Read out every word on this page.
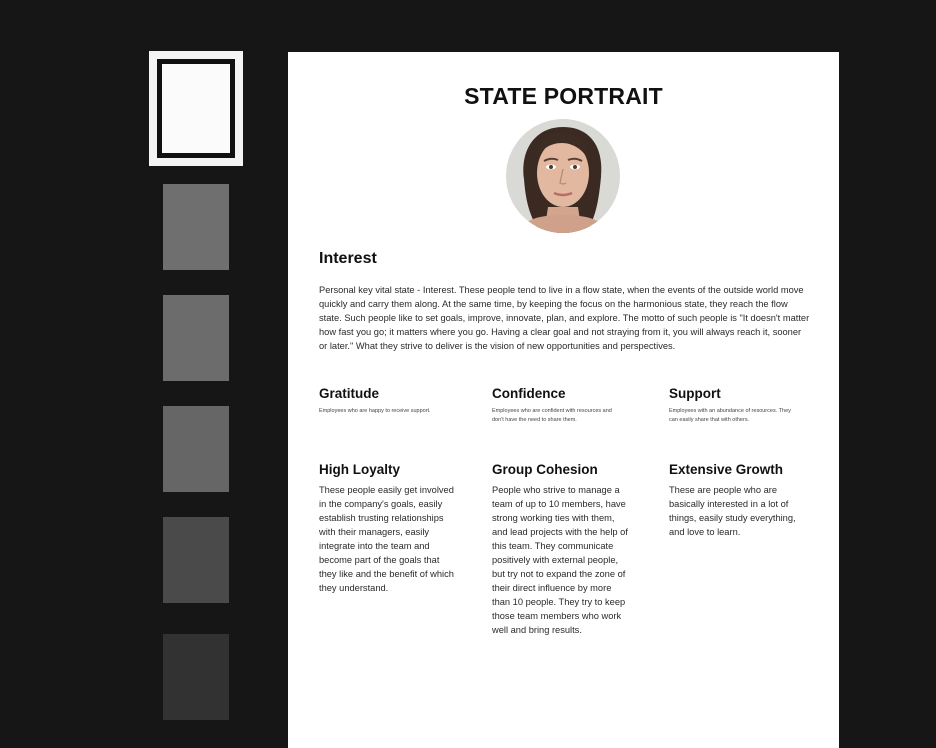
STATE PORTRAIT
Interest
Personal key vital state - Interest. These people tend to live in a flow state, when the events of the outside world move quickly and carry them along. At the same time, by keeping the focus on the harmonious state, they reach the flow state. Such people like to set goals, improve, innovate, plan, and explore. The motto of such people is "It doesn't matter how fast you go; it matters where you go. Having a clear goal and not straying from it, you will always reach it, sooner or later." What they strive to deliver is the vision of new opportunities and perspectives.
Gratitude
Employees who are happy to receive support.
Confidence
Employees who are confident with resources and don't have the need to share them.
Support
Employees with an abundance of resources. They can easily share that with others.
High Loyalty
These people easily get involved in the company's goals, easily establish trusting relationships with their managers, easily integrate into the team and become part of the goals that they like and the benefit of which they understand.
Group Cohesion
People who strive to manage a team of up to 10 members, have strong working ties with them, and lead projects with the help of this team. They communicate positively with external people, but try not to expand the zone of their direct influence by more than 10 people. They try to keep those team members who work well and bring results.
Extensive Growth
These are people who are basically interested in a lot of things, easily study everything, and love to learn.
